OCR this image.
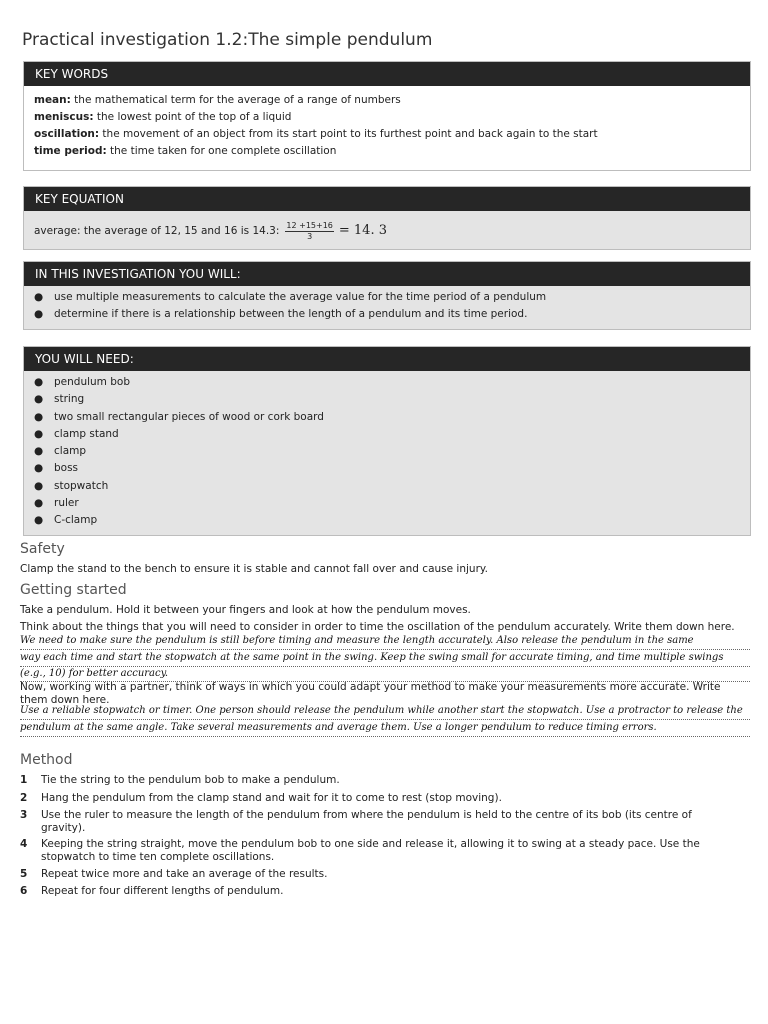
Practical investigation 1.2:The simple pendulum
KEY WORDS
mean: the mathematical term for the average of a range of numbers
meniscus: the lowest point of the top of a liquid
oscillation: the movement of an object from its start point to its furthest point and back again to the start
time period: the time taken for one complete oscillation
KEY EQUATION
average: the average of 12, 15 and 16 is 14.3: $\frac{12 +15+16}{3} = 14$. 3
IN THIS INVESTIGATION YOU WILL:
●	use multiple measurements to calculate the average value for the time period of a pendulum
●	determine if there is a relationship between the length of a pendulum and its time period.
YOU WILL NEED:
●	pendulum bob
●	string
●	two small rectangular pieces of wood or cork board
●	clamp stand
●	clamp
●	boss
●	stopwatch
●	ruler
●	C-clamp
Safety
Clamp the stand to the bench to ensure it is stable and cannot fall over and cause injury.
Getting started
Take a pendulum. Hold it between your fingers and look at how the pendulum moves.
Think about the things that you will need to consider in order to time the oscillation of the pendulum accurately. Write them down here.
We need to make sure the pendulum is still before timing and measure the length accurately. Also release the pendulum in the same
way each time and start the stopwatch at the same point in the swing. Keep the swing small for accurate timing, and time multiple swings
(e.g., 10) for better accuracy.
Now, working with a partner, think of ways in which you could adapt your method to make your measurements more accurate. Write them down here.
Use a reliable stopwatch or timer. One person should release the pendulum while another start the stopwatch. Use a protractor to release the
pendulum at the same angle. Take several measurements and average them. Use a longer pendulum to reduce timing errors.
Method
1	Tie the string to the pendulum bob to make a pendulum.
2	Hang the pendulum from the clamp stand and wait for it to come to rest (stop moving).
3	Use the ruler to measure the length of the pendulum from where the pendulum is held to the centre of its bob (its centre of gravity).
4	Keeping the string straight, move the pendulum bob to one side and release it, allowing it to swing at a steady pace. Use the stopwatch to time ten complete oscillations.
5	Repeat twice more and take an average of the results.
6	Repeat for four different lengths of pendulum.
